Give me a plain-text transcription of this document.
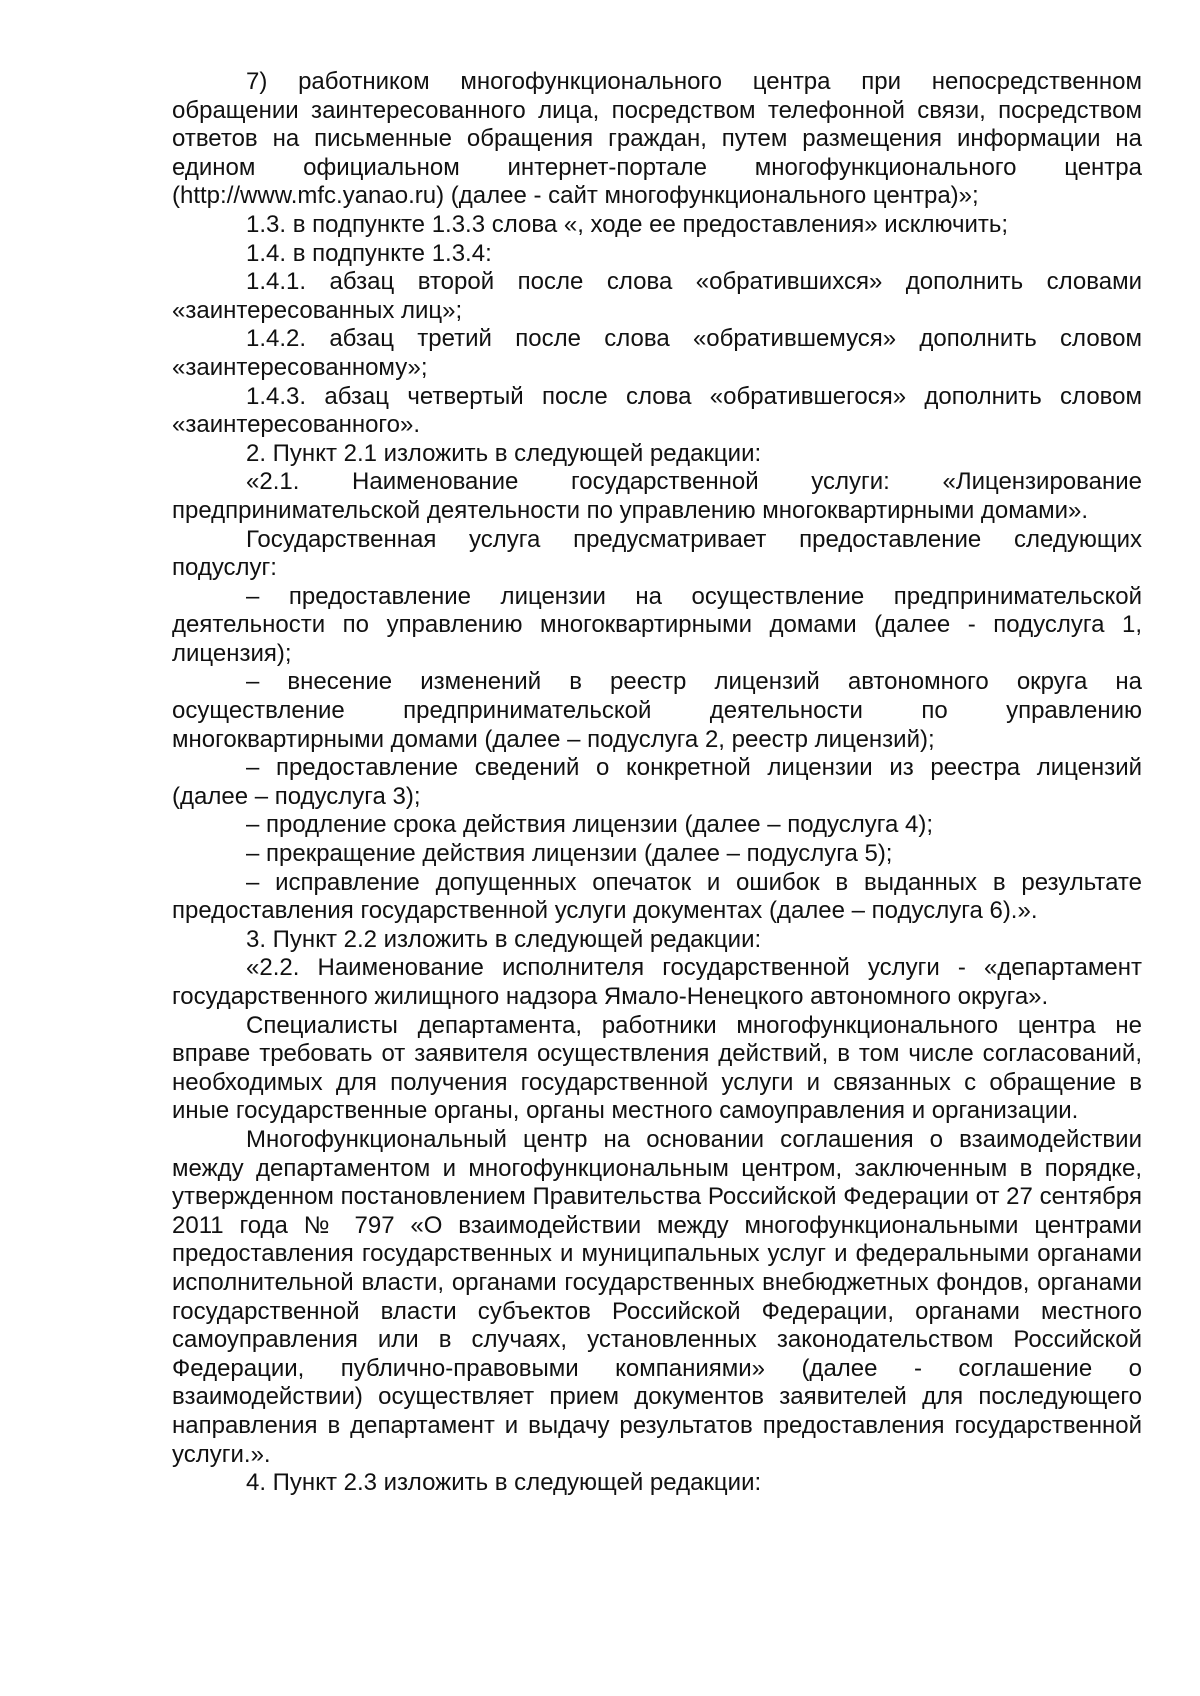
7) работником многофункционального центра при непосредственном обращении заинтересованного лица, посредством телефонной связи, посредством ответов на письменные обращения граждан, путем размещения информации на едином официальном интернет-портале многофункционального центра (http://www.mfc.yanao.ru) (далее - сайт многофункционального центра)»;

1.3. в подпункте 1.3.3 слова «, ходе ее предоставления» исключить;

1.4. в подпункте 1.3.4:

1.4.1. абзац второй после слова «обратившихся» дополнить словами «заинтересованных лиц»;

1.4.2. абзац третий после слова «обратившемуся» дополнить словом «заинтересованному»;

1.4.3. абзац четвертый после слова «обратившегося» дополнить словом «заинтересованного».

2. Пункт 2.1 изложить в следующей редакции:

«2.1. Наименование государственной услуги: «Лицензирование предпринимательской деятельности по управлению многоквартирными домами».

Государственная услуга предусматривает предоставление следующих подуслуг:

– предоставление лицензии на осуществление предпринимательской деятельности по управлению многоквартирными домами (далее - подуслуга 1, лицензия);

– внесение изменений в реестр лицензий автономного округа на осуществление предпринимательской деятельности по управлению многоквартирными домами (далее – подуслуга 2, реестр лицензий);

– предоставление сведений о конкретной лицензии из реестра лицензий (далее – подуслуга 3);

– продление срока действия лицензии (далее – подуслуга 4);

– прекращение действия лицензии (далее – подуслуга 5);

– исправление допущенных опечаток и ошибок в выданных в результате предоставления государственной услуги документах (далее – подуслуга 6).».

3. Пункт 2.2 изложить в следующей редакции:

«2.2. Наименование исполнителя государственной услуги - «департамент государственного жилищного надзора Ямало-Ненецкого автономного округа».

Специалисты департамента, работники многофункционального центра не вправе требовать от заявителя осуществления действий, в том числе согласований, необходимых для получения государственной услуги и связанных с обращение в иные государственные органы, органы местного самоуправления и организации.

Многофункциональный центр на основании соглашения о взаимодействии между департаментом и многофункциональным центром, заключенным в порядке, утвержденном постановлением Правительства Российской Федерации от 27 сентября 2011 года № 797 «О взаимодействии между многофункциональными центрами предоставления государственных и муниципальных услуг и федеральными органами исполнительной власти, органами государственных внебюджетных фондов, органами государственной власти субъектов Российской Федерации, органами местного самоуправления или в случаях, установленных законодательством Российской Федерации, публично-правовыми компаниями» (далее - соглашение о взаимодействии) осуществляет прием документов заявителей для последующего направления в департамент и выдачу результатов предоставления государственной услуги.».

4. Пункт 2.3 изложить в следующей редакции:
